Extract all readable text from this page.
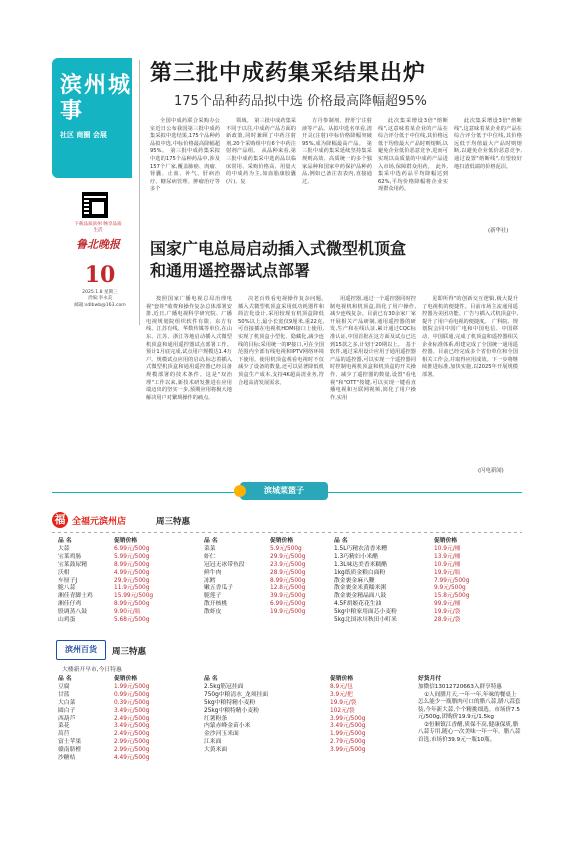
滨州城事
社区 商圈 会展
下载品质滨州 畅享品质生活
鲁北晚报
10
2025.1.8 星期三
责编:李永美
邮箱:sdlbwb@163.com
第三批中成药集采结果出炉
175个品种药品拟中选 价格最高降幅超95%

全国中成药联合采购办公室近日公布我国第三批中成药集采拟中选结果,175个品种药品拟中选,中标价格最高降幅超95%。　第三批中成药集采拟中选的175个品种药品中,涉及157个厂家,覆盖肺癌、肉瘤、肾囊、止血、补气、肝病治疗、糖尿病管理、肿瘤治疗等多个

领域。　第三批中成药集采不同于以往,中成药产品方面的新政策,同时兼顾了中药注射剂,20个采购组中有6个中药注射剂产品组。　从品种来看,第三批中成药集采中选药品以临床常用、采购价格高、用量大的中成药为主,如血脂康胶囊(片)、复

方丹参制剂、舒肝宁注射液等产品。从拟中选名单看,清开灵(注射)中标价格降幅突破95%,成为降幅最高产品。　第三批中成药集采延续坚持集采规则高效、高质统一的多个独家品种和国家中药保护品种药品,例如已备注表表内,直接通过。

此次集采增设3倍"熔断线",这意味着某企业的产品在综合评分低于中位线,其价格远低于均值最大产品时则熔断,以避免企业低价恶意竞争,进而可实现以高质量的中成药产品进入市场,保障群众用药。　此外,集采中选药品平均降幅达到62%,平均价格降幅将企业实现群众用药。

此次集采增设3倍"熔断线",这意味着某企业的产品在综合评分低于中位线,其价格远低于均值最大产品时则熔断,以避免企业低价恶意竞争,通过设置"熔断线",有望较好地扫清低端的价格泥沼。

(新华社)
国家广电总局启动插入式微型机顶盒
和通用遥控器试点部署

按照国家广播电视总局治理电视"套娃"收费和操作复杂总体部署安排,近日,广播电视科学研究院、广播电视规划院组织软件有限、东方有线、江苏有线、华数传媒等单位,在山东、江苏、浙江等地启动插入式微型机顶盒和通用遥控器试点部署工作。预计1月底完成,试点用户规模达1.4万户。规模试点应用的启动,标志着插入式微型机顶盒和通用遥控器已经具备规模部署的技术条件。这是"双治理"工作以来,新技术研发推进在应用端迈出的坚实一步,预期应用将极大地解决用户对繁琐操作的痛点,

决老百姓看电视操作复杂问题。　插入式微型机顶盒采用低功耗器件和简洁化设计,采用较现有机顶盒降低50%以上,最小长宽仅9厘米,重22克,可直接插在电视机HDMI接口上使用,实现了机顶盒小型化、隐藏化,减少连线的目标;采用统一的IP接口,可在全国范围内全部有线电视和IPTV网络环境下使用。使用机顶盒观看电视时不仅减少了设备的数量,还可以显著降低机顶盒生产成本,支持4K超高清业务,符合超高清发展需求。

用遥控器,通过一个遥控器同时控制电视机和机顶盒,简化了用户操作,减少连线复杂。目前已有30余家厂家开展相关产品研制,通用遥控器的研发,生产和在线认证,累计通过CQC标准认证,中国首批在这方面及试点已达到15款之多,计划于20期以上。　基于软件,通过采用设计应用于通用遥控器产品的遥控器,可以实现一个遥控器同时控制电视机顶盒和机顶盒的开关操作、减少了遥控器的数量,设置"看电视"和"OTT"按键,可以实现一键看直播电视和互联网视频,简化了用户操作,实用

见即所得"的创新交互逻辑,极大提升了电视机的便捷性。目前市场主流通用遥控器为美团功能、广告与插入式机顶盒中,提升了用户看电视的便捷度。　广科院、规划院会同中国广电和中国电信、中国移动、中国联通,完成了机顶盒和遥控器相关企业标准体系,组建完成了全国统一通用遥控器。目前已经完成多个省份单位和全国相关工作会,并取得应用成效。下一步将继续推进标准,加快实施,以2025年开展规模部署。

(闪电新闻)
滨城菜篮子
福 全福元滨州店	周三特惠
品 名	促销价格
大蒜	6.99元/500g
宝莱鸡肠	5.99元/500g
宝莱鼓尿精	8.99元/500g
沃柑	4.99元/500g
车厘子J	29.9元/500g
脆八蒜	11.9元/500g
湘佳青脚土鸡	15.99元/500g
湘佳仔鸡	8.99元/500g
股调蒸八鼓	9.90元/瓶
山鸡蛋	5.68元/500g
品 名	促销价格
菜菜	5.9元/500g
虾仁	29.9元/500g
冠冠无冰带鱼段	23.9元/500g
鲜牛肉	28.9元/500g
冻鳕	8.99元/500g
嫩五香瓜子	12.8元/500g
脆莲子	39.9元/500g
散开核桃	6.99元/500g
散虾皮	19.9元/500g
品 名	促销价格
1.5L巧精农清香米糟	10.9元/桶
1.3巧精妇小米醋	13.9元/桶
1.3L味达美香米糯醋	10.9元/桶
1kg纸质金粮白面粉	19.9元/瓶
散金裹金麻八鞭	7.99元/500g
散金裹金米黄糯米粥	9.9元/500g
散金裹金精晶面八鼓	15.8元/500g
4.5F胡姬花花生油	99.9元/桶
5kg中粮家用面芯小麦粉	19.9元/袋
5kg北国冰川秋田小町米	28.9元/袋
滨州百货	周三特惠
大楼新开早市,今日特惠
品 名	促销价格
豆腐	1.99元/500g
甘蓝	0.99元/500g
大白菜	0.39元/500g
圆白子	3.49元/500g
西葫芦	2.49元/500g
菜花	3.49元/500g
莴苣	2.49元/500g
富士苹果	2.99元/500g
赣南脐橙	2.99元/500g
沙糖桔	4.49元/500g
品 名	促销价格
2.5kg筋冠挂面	8.9元/包
750g中粮清水_龙须挂面	3.9元/把
5kg中粮特精小麦粉	19.9元/袋
25kg中粮特精小麦粉	102元/袋
红薯粉条	3.99元/500g
内蒙赤峰金苗小米	3.49元/500g
金沙河玉米面	1.99元/500g
江米面	2.79元/500g
大黄米面	3.99元/500g
好货月付
加微信13012720663入群享特惠
①人间腊月天,一年一年,年味的餐桌上怎么能少一瓶腊肉可口的腊八蒜,腊八蒜套装,今年新大蒜,个个精挑细选。市场价7.5元/500g,团购价19.9元/1.5kg
②恒顺镇江香醋,质保不高,健康保质,腊八蒜专用,随心一次美味一年一年。腊八蒜首选,市场价39.9元一瓶10瓶。
